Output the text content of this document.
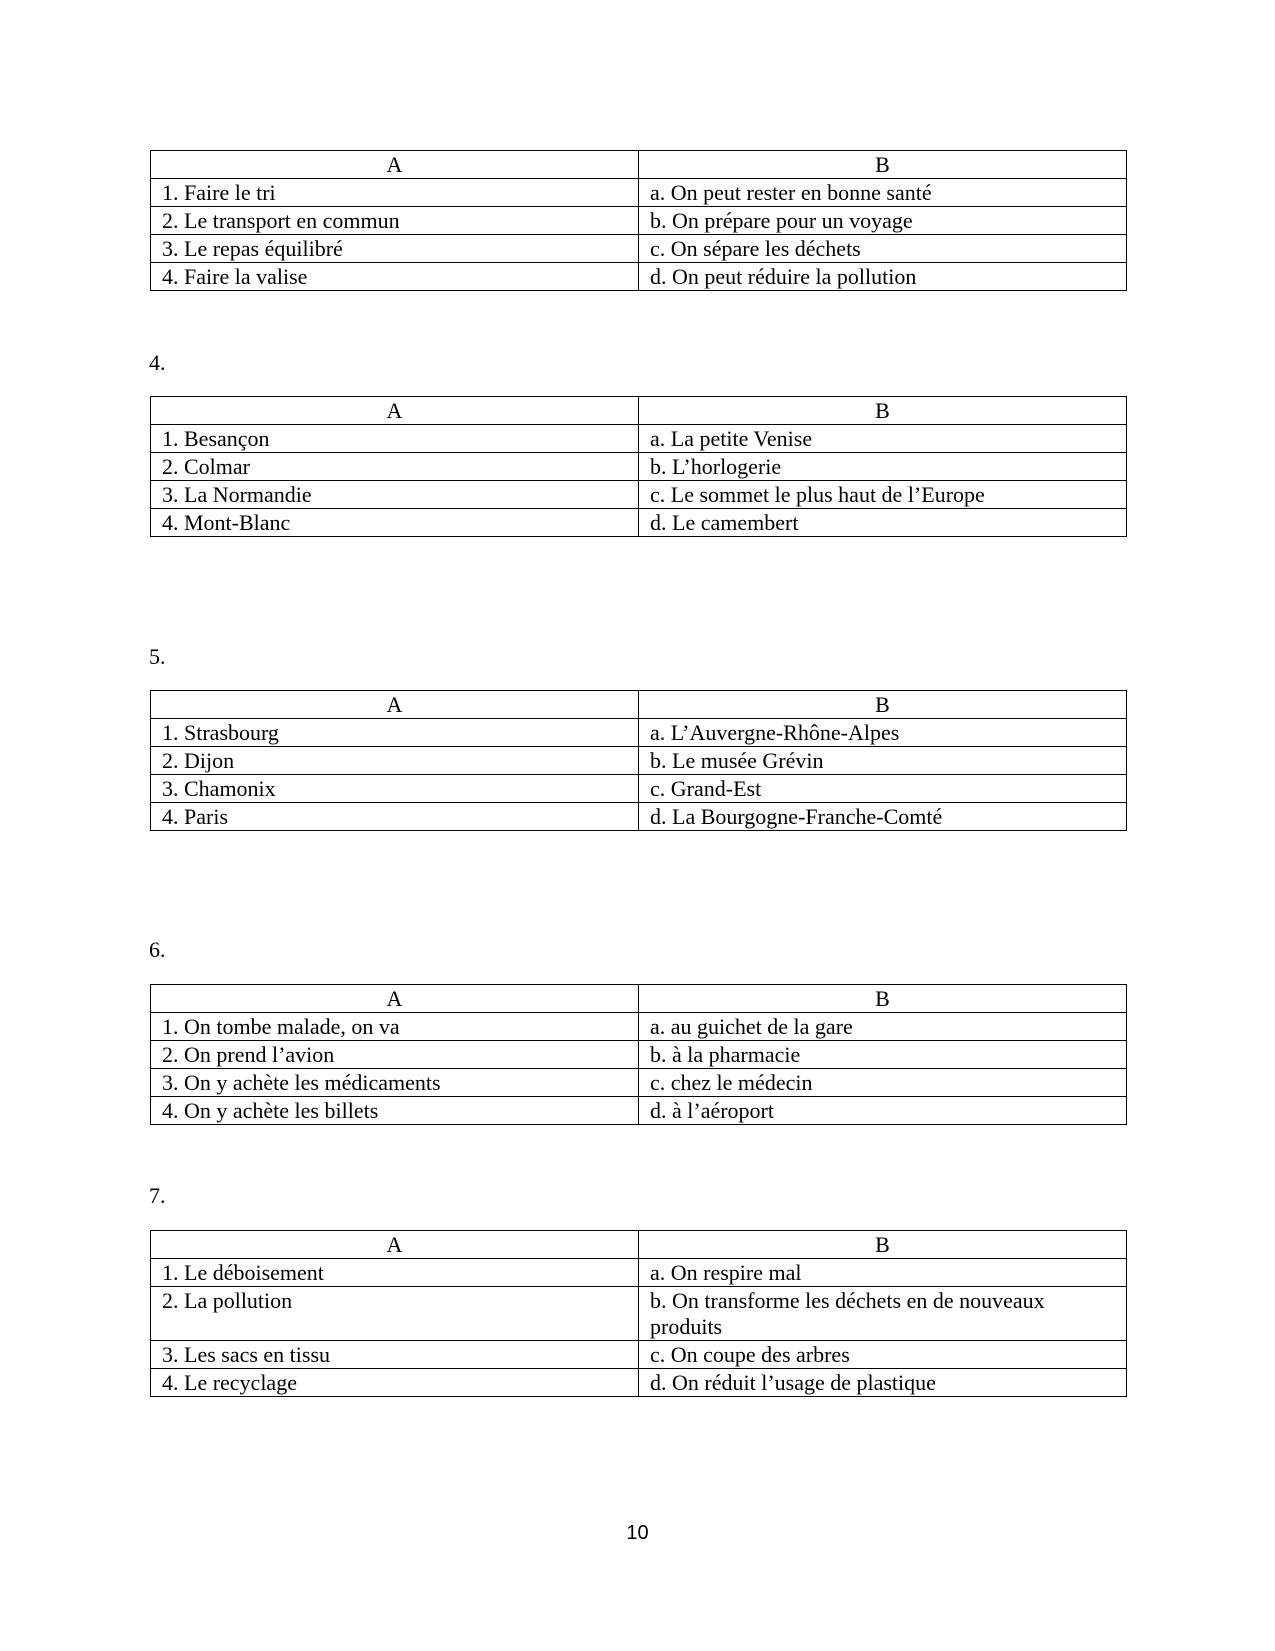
A	B
1. Faire le tri	a. On peut rester en bonne santé
2. Le transport en commun	b. On prépare pour un voyage
3. Le repas équilibré	c. On sépare les déchets
4. Faire la valise	d. On peut réduire la pollution

4.

A	B
1. Besançon	a. La petite Venise
2. Colmar	b. L’horlogerie
3. La Normandie	c. Le sommet le plus haut de l’Europe
4. Mont-Blanc	d. Le camembert

5.

A	B
1. Strasbourg	a. L’Auvergne-Rhône-Alpes
2. Dijon	b. Le musée Grévin
3. Chamonix	c. Grand-Est
4. Paris	d. La Bourgogne-Franche-Comté

6.

A	B
1. On tombe malade, on va	a. au guichet de la gare
2. On prend l’avion	b. à la pharmacie
3. On y achète les médicaments	c. chez le médecin
4. On y achète les billets	d. à l’aéroport

7.

A	B
1. Le déboisement	a. On respire mal
2. La pollution	b. On transforme les déchets en de nouveaux produits
3. Les sacs en tissu	c. On coupe des arbres
4. Le recyclage	d. On réduit l’usage de plastique
10
